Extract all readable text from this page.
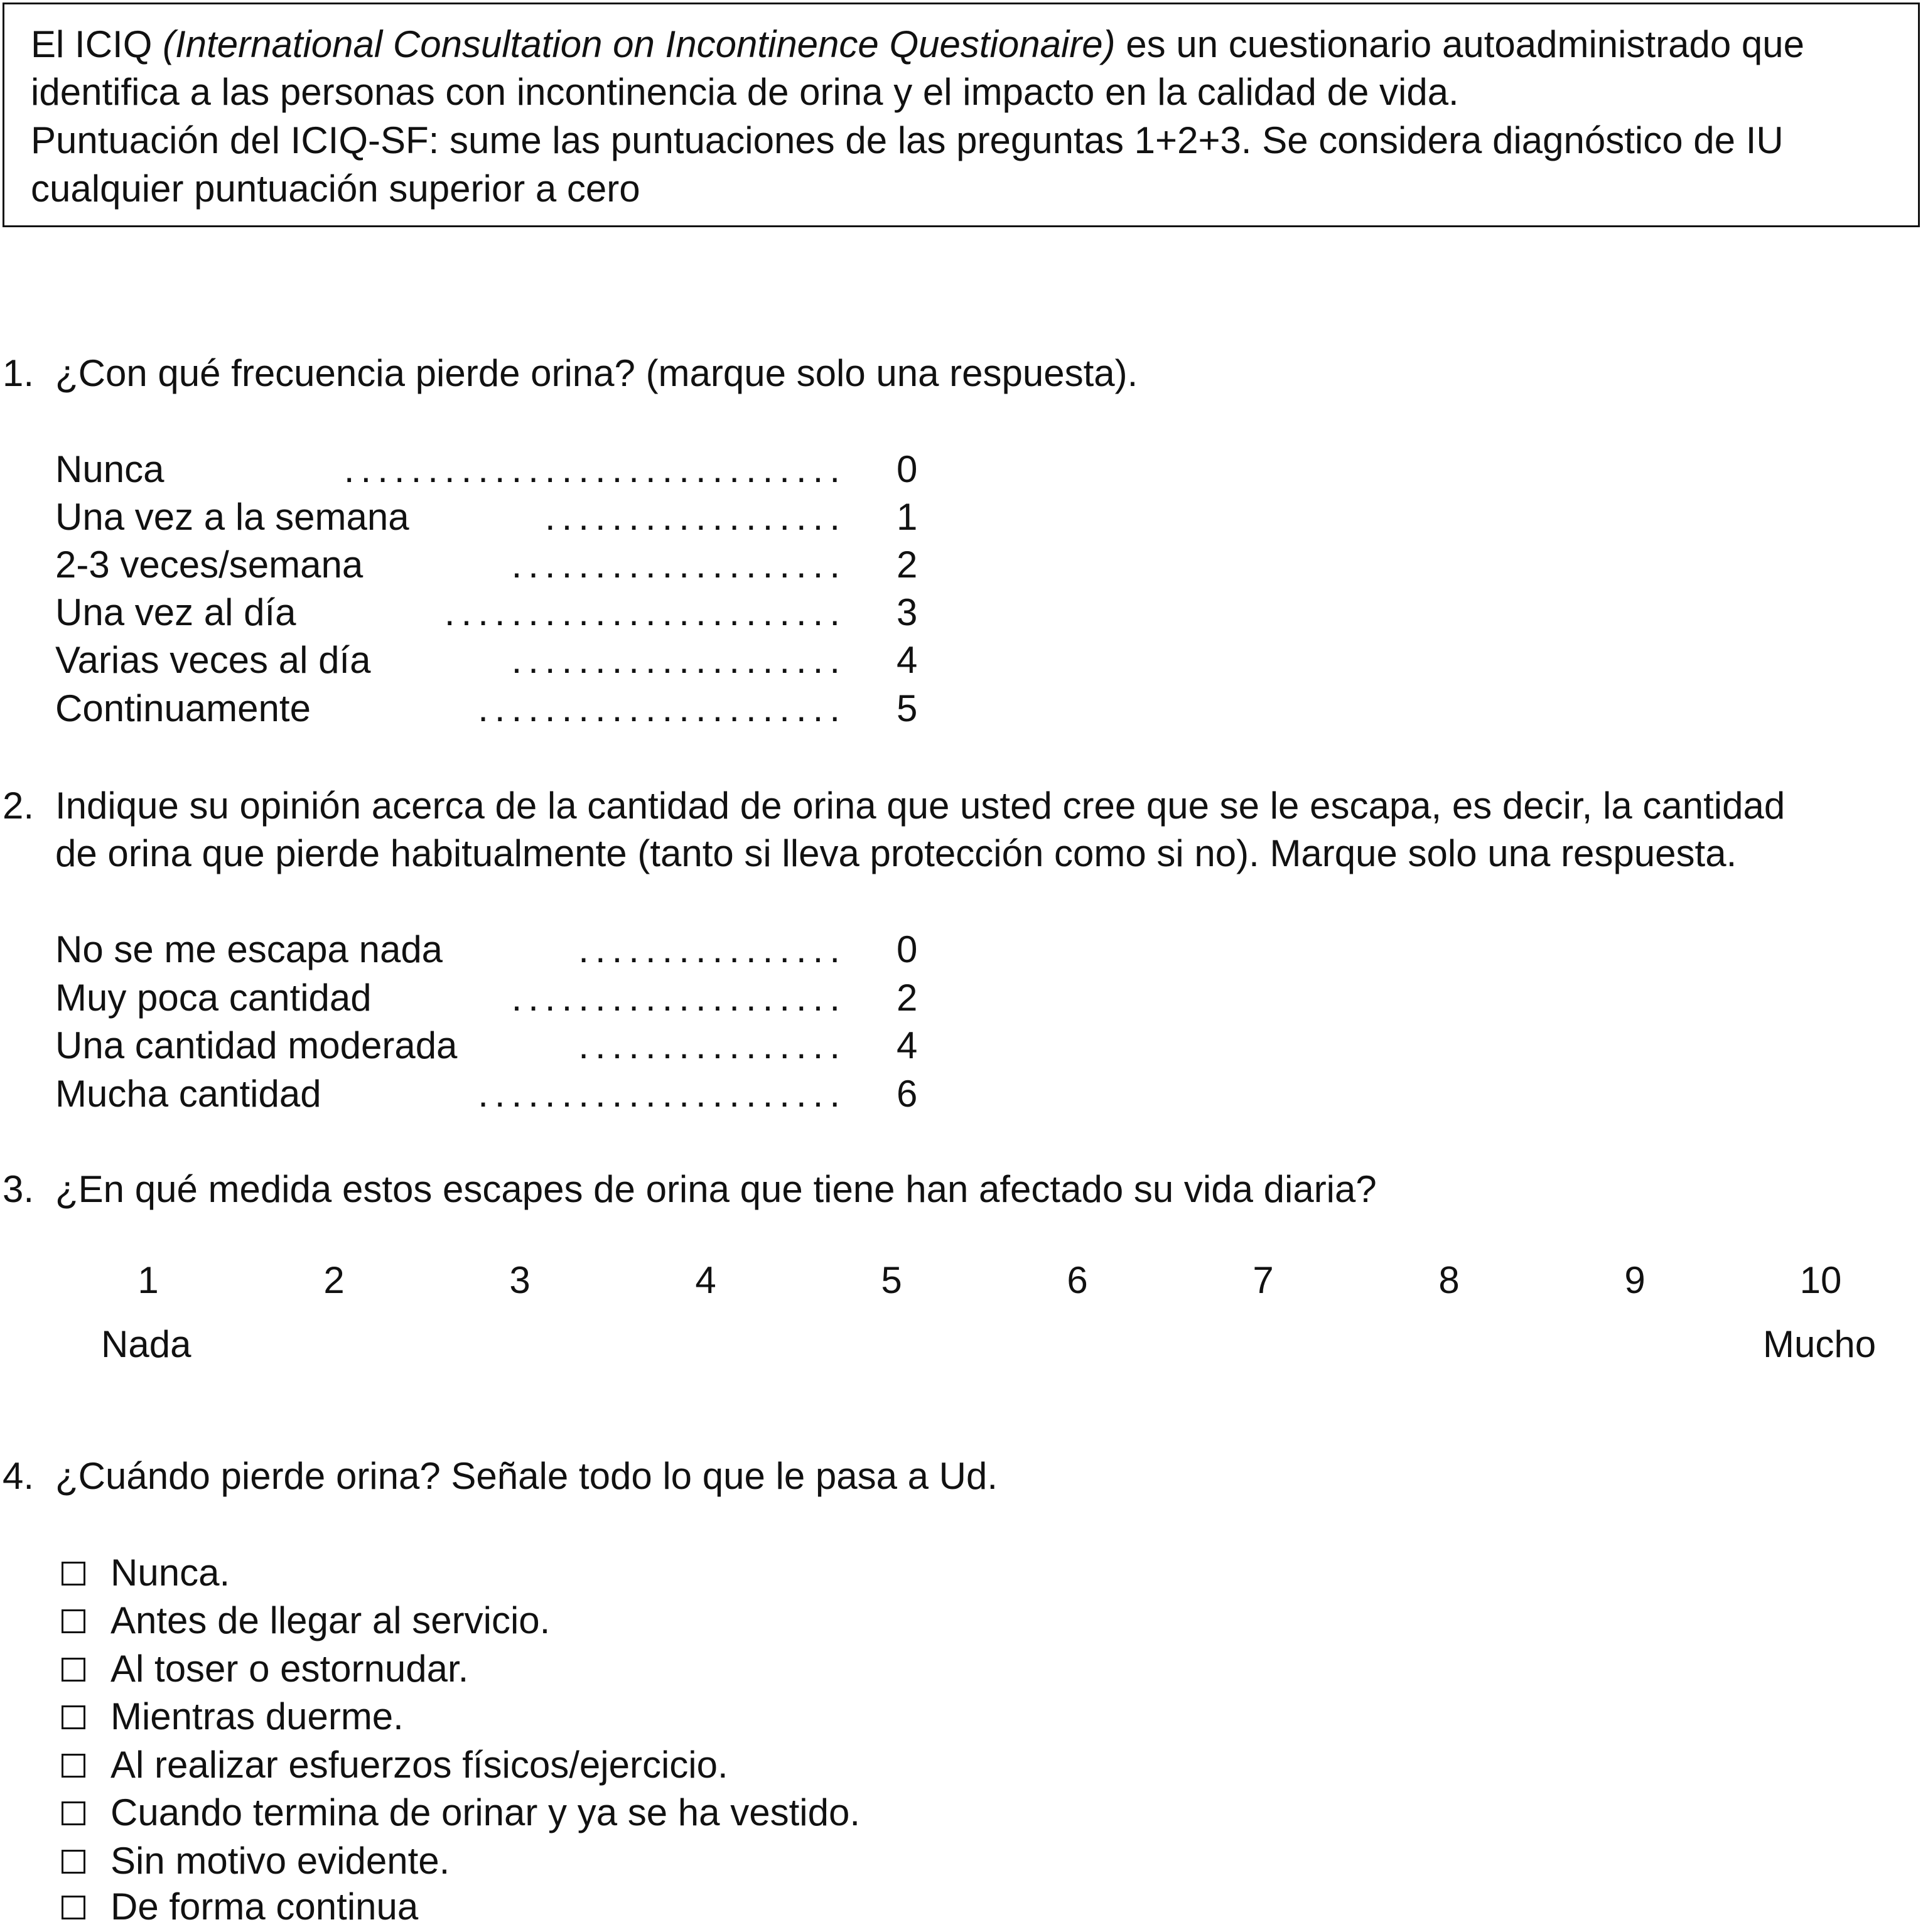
El ICIQ (International Consultation on Incontinence Questionaire) es un cuestionario autoadministrado que
identifica a las personas con incontinencia de orina y el impacto en la calidad de vida.
Puntuación del ICIQ-SF: sume las puntuaciones de las preguntas 1+2+3. Se considera diagnóstico de IU
cualquier puntuación superior a cero
1. ¿Con qué frecuencia pierde orina? (marque solo una respuesta).
Nunca	.............................. 0
Una vez a la semana	.................. 1
2-3 veces/semana	.................... 2
Una vez al día	........................ 3
Varias veces al día	.................... 4
Continuamente	...................... 5
2. Indique su opinión acerca de la cantidad de orina que usted cree que se le escapa, es decir, la cantidad
de orina que pierde habitualmente (tanto si lleva protección como si no). Marque solo una respuesta.
No se me escapa nada	................ 0
Muy poca cantidad	.................... 2
Una cantidad moderada	................ 4
Mucha cantidad	...................... 6
3. ¿En qué medida estos escapes de orina que tiene han afectado su vida diaria?
1	2	3	4	5	6	7	8	9	10
Nada	Mucho
4. ¿Cuándo pierde orina? Señale todo lo que le pasa a Ud.
Nunca.
Antes de llegar al servicio.
Al toser o estornudar.
Mientras duerme.
Al realizar esfuerzos físicos/ejercicio.
Cuando termina de orinar y ya se ha vestido.
Sin motivo evidente.
De forma continua
